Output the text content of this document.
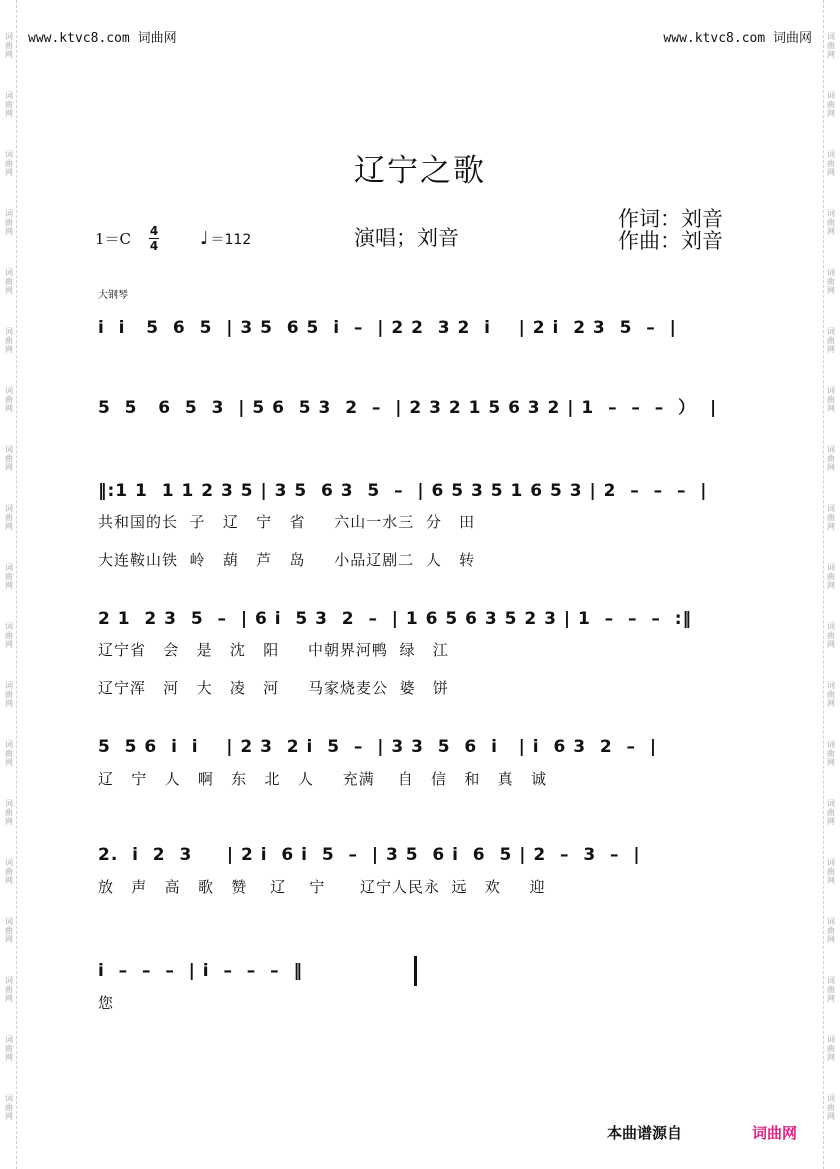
词
曲
网
词
曲
网
词
曲
网
词
曲
网
词
曲
网
词
曲
网
词
曲
网
词
曲
网
词
曲
网
词
曲
网
词
曲
网
词
曲
网
词
曲
网
词
曲
网
词
曲
网
词
曲
网
词
曲
网
词
曲
网
词
曲
网
词
曲
网
词
曲
网
词
曲
网
词
曲
网
词
曲
网
词
曲
网
词
曲
网
词
曲
网
词
曲
网
词
曲
网
词
曲
网
词
曲
网
词
曲
网
词
曲
网
词
曲
网
词
曲
网
词
曲
网
词
曲
网
词
曲
网
www.ktvc8.com 词曲网	www.ktvc8.com 词曲网
辽宁之歌
1＝C 4
4 ♩ ＝112	演唱；刘音
作词：刘音
作曲：刘音
大钢琴
i  i   5  6  5  | 3 5  6 5  i  –  | 2 2  3 2  i    | 2 i  2 3  5  –  |
5  5   6  5  3  | 5 6  5 3  2  –  | 2 3 2 1 5 6 3 2 | 1  –  –  –  ）  |
‖:1 1  1 1 2 3 5 | 3 5  6 3  5  –  | 6 5 3 5 1 6 5 3 | 2  –  –  –  |
共和国的长  子   辽   宁   省     六山一水三  分   田
大连鞍山铁  岭   葫   芦   岛     小品辽剧二  人   转
2 1  2 3  5  –  | 6 i  5 3  2  –  | 1 6 5 6 3 5 2 3 | 1  –  –  –  :‖
辽宁省   会   是   沈   阳     中朝界河鸭  绿   江
辽宁浑   河   大   凌   河     马家烧麦公  婆   饼
5  5 6  i  i    | 2 3  2 i  5  –  | 3 3  5  6  i   | i  6 3  2  –  |
辽   宁   人   啊   东   北   人     充满    自   信   和   真   诚
2.  i  2  3     | 2 i  6 i  5  –  | 3 5  6 i  6  5 | 2  –  3  –  |
放   声   高   歌   赞    辽    宁      辽宁人民永  远   欢     迎
i  –  –  –  | i  –  –  –  ‖
您
本曲谱源自	词曲网
